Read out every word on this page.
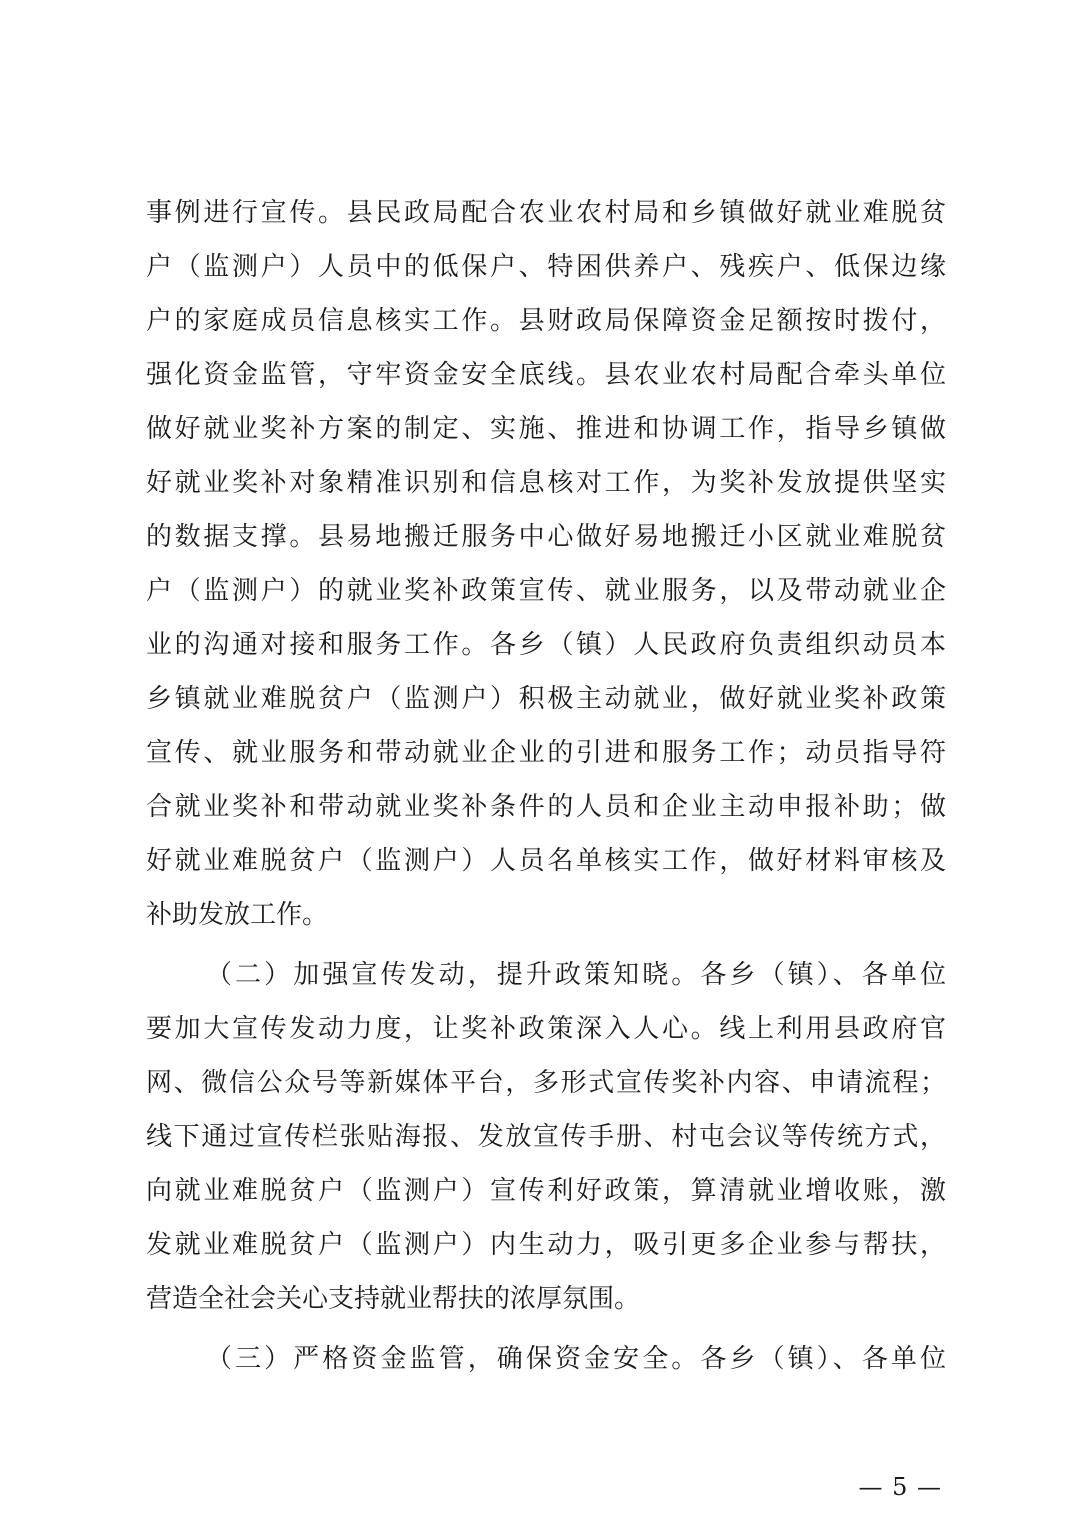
事例进行宣传。县民政局配合农业农村局和乡镇做好就业难脱贫
户（监测户）人员中的低保户、特困供养户、残疾户、低保边缘
户的家庭成员信息核实工作。县财政局保障资金足额按时拨付，
强化资金监管，守牢资金安全底线。县农业农村局配合牵头单位
做好就业奖补方案的制定、实施、推进和协调工作，指导乡镇做
好就业奖补对象精准识别和信息核对工作，为奖补发放提供坚实
的数据支撑。县易地搬迁服务中心做好易地搬迁小区就业难脱贫
户（监测户）的就业奖补政策宣传、就业服务，以及带动就业企
业的沟通对接和服务工作。各乡（镇）人民政府负责组织动员本
乡镇就业难脱贫户（监测户）积极主动就业，做好就业奖补政策
宣传、就业服务和带动就业企业的引进和服务工作；动员指导符
合就业奖补和带动就业奖补条件的人员和企业主动申报补助；做
好就业难脱贫户（监测户）人员名单核实工作，做好材料审核及
补助发放工作。
（二）加强宣传发动，提升政策知晓。各乡（镇）、各单位
要加大宣传发动力度，让奖补政策深入人心。线上利用县政府官
网、微信公众号等新媒体平台，多形式宣传奖补内容、申请流程；
线下通过宣传栏张贴海报、发放宣传手册、村屯会议等传统方式，
向就业难脱贫户（监测户）宣传利好政策，算清就业增收账，激
发就业难脱贫户（监测户）内生动力，吸引更多企业参与帮扶，
营造全社会关心支持就业帮扶的浓厚氛围。
（三）严格资金监管，确保资金安全。各乡（镇）、各单位
— 5 —
